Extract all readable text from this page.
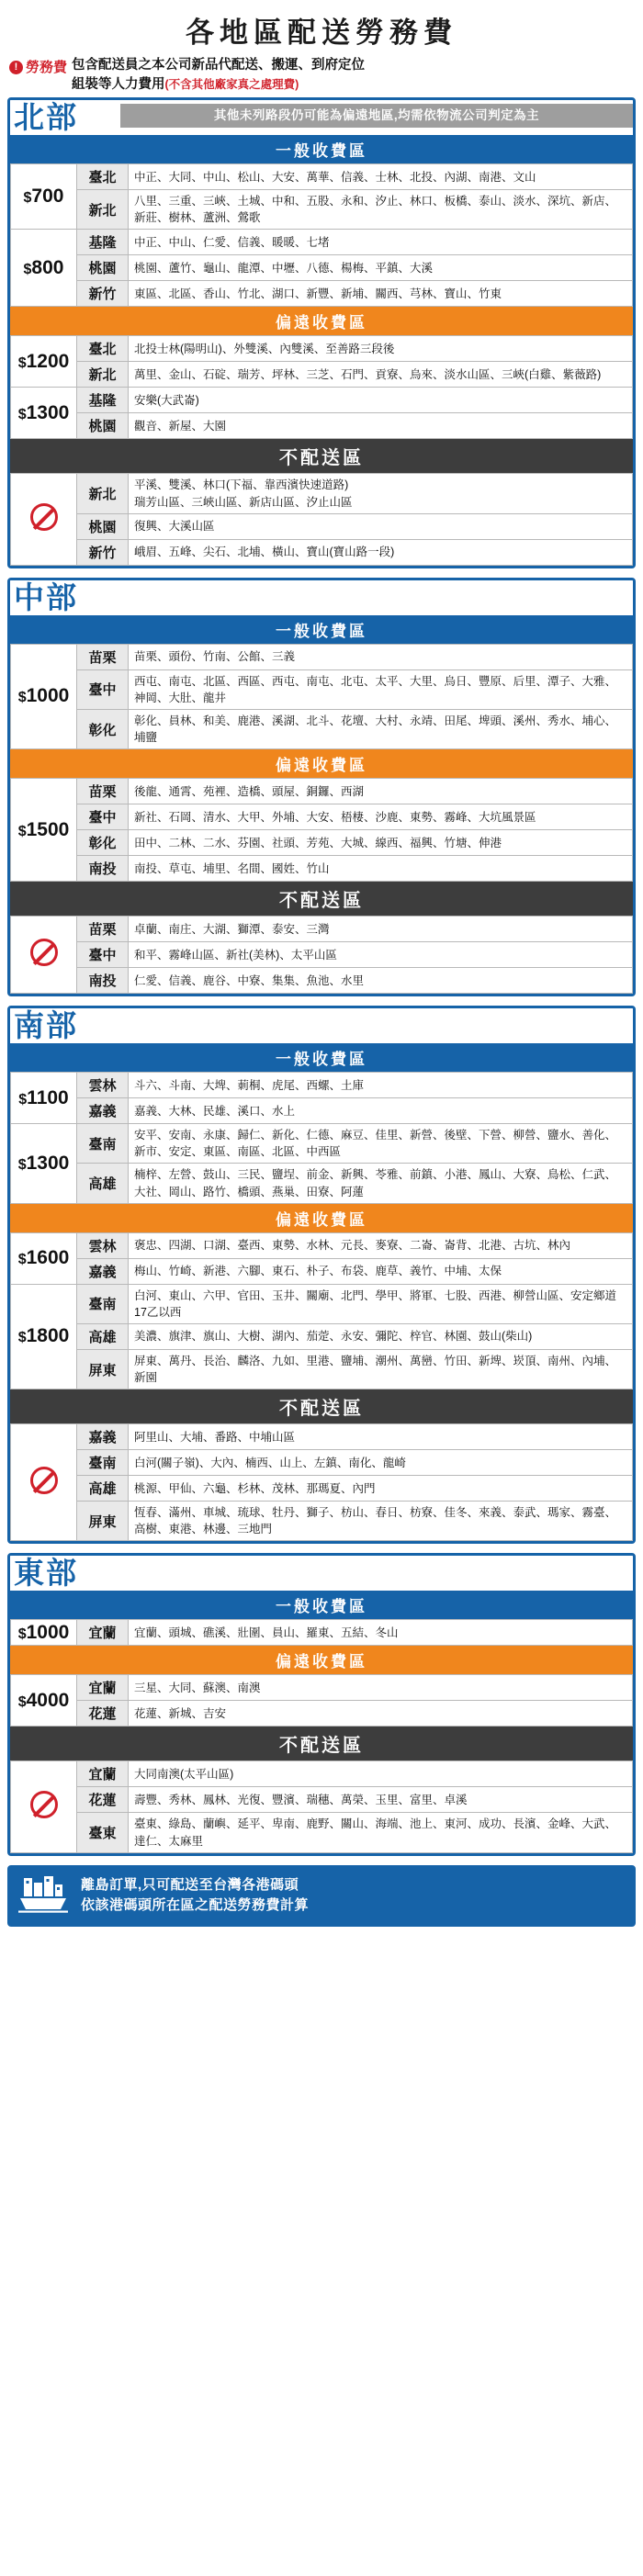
各地區配送勞務費
! 勞務費 包含配送員之本公司新品代配送、搬運、到府定位
組裝等人力費用(不含其他廠家真之處理費)
北部	其他未列路段仍可能為偏遠地區,均需依物流公司判定為主
一般收費區
$700	臺北	中正、大同、中山、松山、大安、萬華、信義、士林、北投、內湖、南港、文山

	新北	八里、三重、三峽、土城、中和、五股、永和、汐止、林口、板橋、泰山、淡水、深坑、新店、新莊、樹林、蘆洲、鶯歌

$800	基隆	中正、中山、仁愛、信義、暖暖、七堵

	桃園	桃園、蘆竹、龜山、龍潭、中壢、八德、楊梅、平鎮、大溪

	新竹	東區、北區、香山、竹北、湖口、新豐、新埔、關西、芎林、寶山、竹東
偏遠收費區
$1200	臺北	北投士林(陽明山)、外雙溪、內雙溪、至善路三段後

	新北	萬里、金山、石碇、瑞芳、坪林、三芝、石門、貢寮、烏來、淡水山區、三峽(白雞、紫薇路)

$1300	基隆	安樂(大武崙)

	桃園	觀音、新屋、大園
不配送區
	新北	平溪、雙溪、林口(下福、靠西濱快速道路)
瑞芳山區、三峽山區、新店山區、汐止山區

	桃園	復興、大溪山區

	新竹	峨眉、五峰、尖石、北埔、橫山、寶山(寶山路一段)
中部
一般收費區
$1000	苗栗	苗栗、頭份、竹南、公館、三義

	臺中	西屯、南屯、北區、西區、西屯、南屯、北屯、太平、大里、烏日、豐原、后里、潭子、大雅、神岡、大肚、龍井

	彰化	彰化、員林、和美、鹿港、溪湖、北斗、花壇、大村、永靖、田尾、埤頭、溪州、秀水、埔心、埔鹽
偏遠收費區
$1500	苗栗	後龍、通霄、苑裡、造橋、頭屋、銅鑼、西湖

	臺中	新社、石岡、清水、大甲、外埔、大安、梧棲、沙鹿、東勢、霧峰、大坑風景區

	彰化	田中、二林、二水、芬園、社頭、芳苑、大城、線西、福興、竹塘、伸港

	南投	南投、草屯、埔里、名間、國姓、竹山
不配送區
	苗栗	卓蘭、南庄、大湖、獅潭、泰安、三灣

	臺中	和平、霧峰山區、新社(美林)、太平山區

	南投	仁愛、信義、鹿谷、中寮、集集、魚池、水里
南部
一般收費區
$1100	雲林	斗六、斗南、大埤、莿桐、虎尾、西螺、土庫

	嘉義	嘉義、大林、民雄、溪口、水上

$1300	臺南	安平、安南、永康、歸仁、新化、仁德、麻豆、佳里、新營、後壁、下營、柳營、鹽水、善化、新市、安定、東區、南區、北區、中西區

	高雄	楠梓、左營、鼓山、三民、鹽埕、前金、新興、苓雅、前鎮、小港、鳳山、大寮、鳥松、仁武、大社、岡山、路竹、橋頭、燕巢、田寮、阿蓮
偏遠收費區
$1600	雲林	褒忠、四湖、口湖、臺西、東勢、水林、元長、麥寮、二崙、崙背、北港、古坑、林內

	嘉義	梅山、竹崎、新港、六腳、東石、朴子、布袋、鹿草、義竹、中埔、太保

$1800	臺南	白河、東山、六甲、官田、玉井、關廟、北門、學甲、將軍、七股、西港、柳營山區、安定鄉道17乙以西

	高雄	美濃、旗津、旗山、大樹、湖內、茄萣、永安、彌陀、梓官、林園、鼓山(柴山)

	屏東	屏東、萬丹、長治、麟洛、九如、里港、鹽埔、潮州、萬巒、竹田、新埤、崁頂、南州、內埔、新園
不配送區
	嘉義	阿里山、大埔、番路、中埔山區

	臺南	白河(關子嶺)、大內、楠西、山上、左鎮、南化、龍崎

	高雄	桃源、甲仙、六龜、杉林、茂林、那瑪夏、內門

	屏東	恆春、滿州、車城、琉球、牡丹、獅子、枋山、春日、枋寮、佳冬、來義、泰武、瑪家、霧臺、高樹、東港、林邊、三地門
東部
一般收費區
$1000	宜蘭	宜蘭、頭城、礁溪、壯圍、員山、羅東、五結、冬山
偏遠收費區
$4000	宜蘭	三星、大同、蘇澳、南澳

	花蓮	花蓮、新城、吉安
不配送區
	宜蘭	大同南澳(太平山區)

	花蓮	壽豐、秀林、鳳林、光復、豐濱、瑞穗、萬榮、玉里、富里、卓溪

	臺東	臺東、綠島、蘭嶼、延平、卑南、鹿野、關山、海端、池上、東河、成功、長濱、金峰、大武、達仁、太麻里
離島訂單,只可配送至台灣各港碼頭
依該港碼頭所在區之配送勞務費計算
